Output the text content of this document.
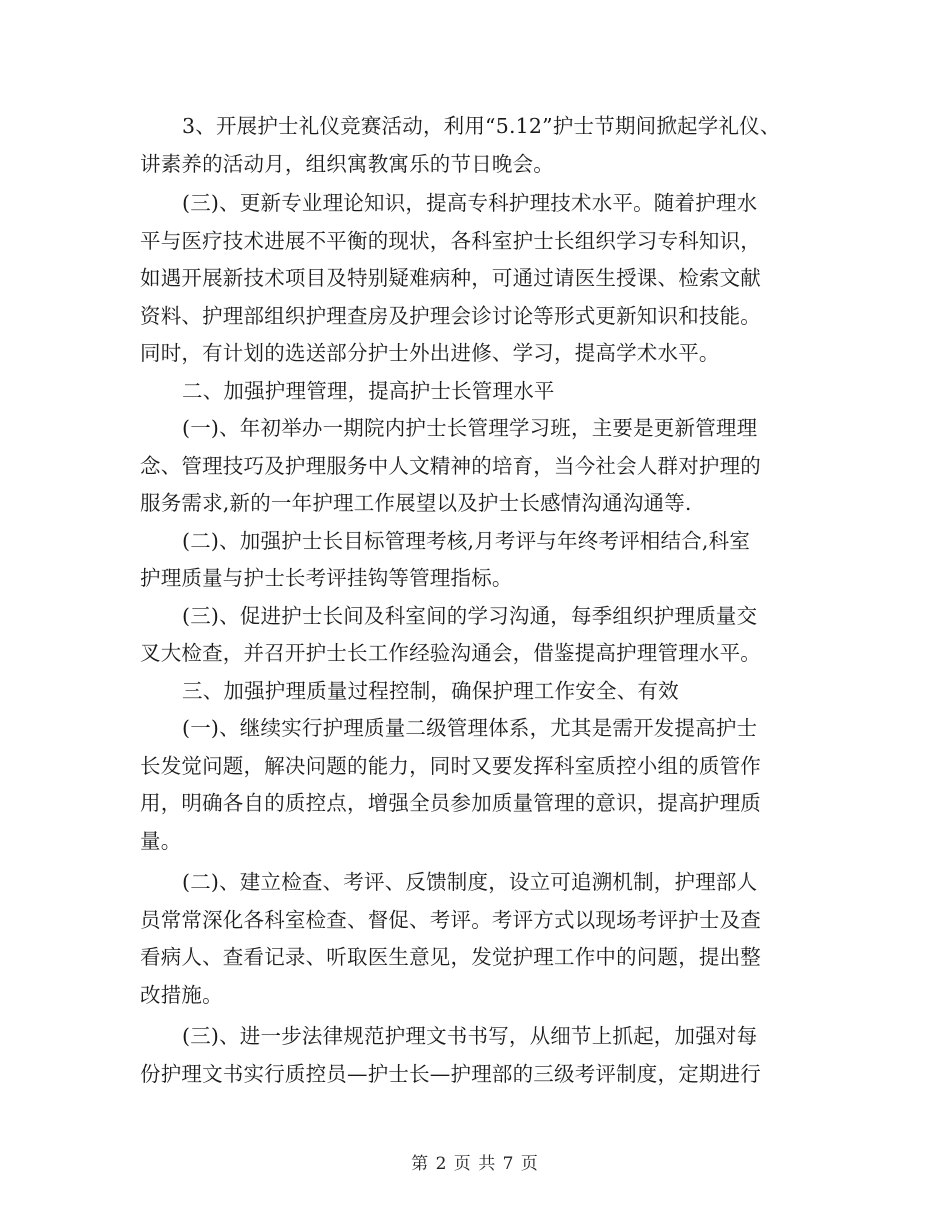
3、开展护士礼仪竞赛活动，利用“5.12”护士节期间掀起学礼仪、
讲素养的活动月，组织寓教寓乐的节日晚会。
(三)、更新专业理论知识，提高专科护理技术水平。随着护理水
平与医疗技术进展不平衡的现状，各科室护士长组织学习专科知识，
如遇开展新技术项目及特别疑难病种，可通过请医生授课、检索文献
资料、护理部组织护理查房及护理会诊讨论等形式更新知识和技能。
同时，有计划的选送部分护士外出进修、学习，提高学术水平。
二、加强护理管理，提高护士长管理水平
(一)、年初举办一期院内护士长管理学习班，主要是更新管理理
念、管理技巧及护理服务中人文精神的培育，当今社会人群对护理的
服务需求,新的一年护理工作展望以及护士长感情沟通沟通等.
(二)、加强护士长目标管理考核,月考评与年终考评相结合,科室
护理质量与护士长考评挂钩等管理指标。
(三)、促进护士长间及科室间的学习沟通，每季组织护理质量交
叉大检查，并召开护士长工作经验沟通会，借鉴提高护理管理水平。
三、加强护理质量过程控制，确保护理工作安全、有效
(一)、继续实行护理质量二级管理体系，尤其是需开发提高护士
长发觉问题，解决问题的能力，同时又要发挥科室质控小组的质管作
用，明确各自的质控点，增强全员参加质量管理的意识，提高护理质
量。
(二)、建立检查、考评、反馈制度，设立可追溯机制，护理部人
员常常深化各科室检查、督促、考评。考评方式以现场考评护士及查
看病人、查看记录、听取医生意见，发觉护理工作中的问题，提出整
改措施。
(三)、进一步法律规范护理文书书写，从细节上抓起，加强对每
份护理文书实行质控员—护士长—护理部的三级考评制度，定期进行
第 2 页 共 7 页
